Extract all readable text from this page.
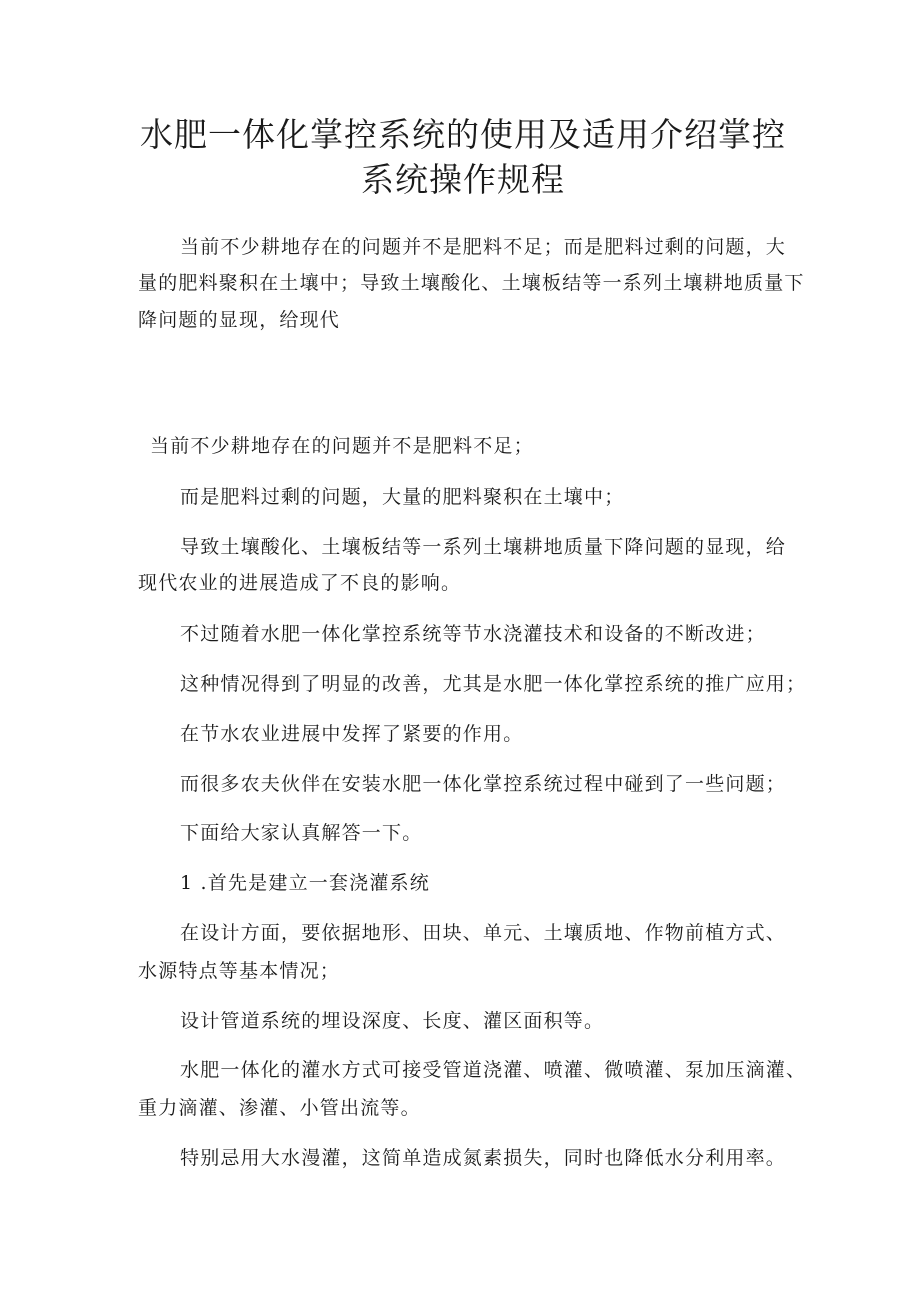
水肥一体化掌控系统的使用及适用介绍掌控
系统操作规程

当前不少耕地存在的问题并不是肥料不足；而是肥料过剩的问题，大

量的肥料聚积在土壤中；导致土壤酸化、土壤板结等一系列土壤耕地质量下

降问题的显现，给现代

当前不少耕地存在的问题并不是肥料不足；

而是肥料过剩的问题，大量的肥料聚积在土壤中；

导致土壤酸化、土壤板结等一系列土壤耕地质量下降问题的显现，给

现代农业的进展造成了不良的影响。

不过随着水肥一体化掌控系统等节水浇灌技术和设备的不断改进；

这种情况得到了明显的改善，尤其是水肥一体化掌控系统的推广应用；

在节水农业进展中发挥了紧要的作用。

而很多农夫伙伴在安装水肥一体化掌控系统过程中碰到了一些问题；

下面给大家认真解答一下。

1 .首先是建立一套浇灌系统

在设计方面，要依据地形、田块、单元、土壤质地、作物前植方式、

水源特点等基本情况；

设计管道系统的埋设深度、长度、灌区面积等。

水肥一体化的灌水方式可接受管道浇灌、喷灌、微喷灌、泵加压滴灌、

重力滴灌、渗灌、小管出流等。

特别忌用大水漫灌，这简单造成氮素损失，同时也降低水分利用率。
